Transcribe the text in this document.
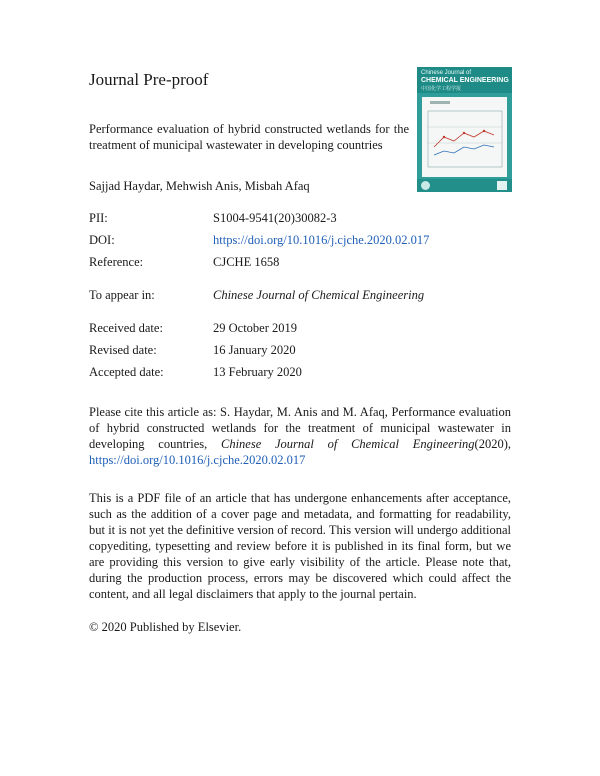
Journal Pre-proof	Chinese Journal of
CHEMICAL ENGINEERING
中国化学工程学报
Performance evaluation of hybrid constructed wetlands for the treatment of municipal wastewater in developing countries
Sajjad Haydar, Mehwish Anis, Misbah Afaq
PII:	S1004-9541(20)30082-3
DOI:	https://doi.org/10.1016/j.cjche.2020.02.017
Reference:	CJCHE 1658
To appear in:	Chinese Journal of Chemical Engineering
Received date:	29 October 2019
Revised date:	16 January 2020
Accepted date:	13 February 2020
Please cite this article as: S. Haydar, M. Anis and M. Afaq, Performance evaluation of hybrid constructed wetlands for the treatment of municipal wastewater in developing countries, Chinese Journal of Chemical Engineering(2020), https://doi.org/10.1016/j.cjche.2020.02.017
This is a PDF file of an article that has undergone enhancements after acceptance, such as the addition of a cover page and metadata, and formatting for readability, but it is not yet the definitive version of record. This version will undergo additional copyediting, typesetting and review before it is published in its final form, but we are providing this version to give early visibility of the article. Please note that, during the production process, errors may be discovered which could affect the content, and all legal disclaimers that apply to the journal pertain.
© 2020 Published by Elsevier.
